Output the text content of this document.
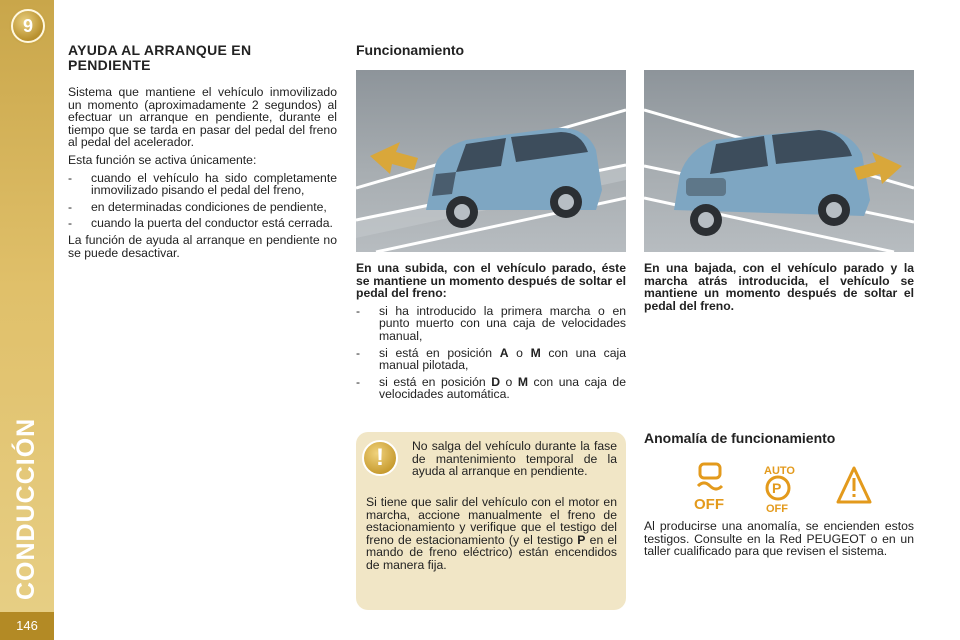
9
CONDUCCIÓN
146
AYUDA AL ARRANQUE EN PENDIENTE

Sistema que mantiene el vehículo inmovilizado un momento (aproximadamente 2 segundos) al efectuar un arranque en pendiente, durante el tiempo que se tarda en pasar del pedal del freno al pedal del acelerador.

Esta función se activa únicamente:

- cuando el vehículo ha sido completamente inmovilizado pisando el pedal del freno,
- en determinadas condiciones de pendiente,
- cuando la puerta del conductor está cerrada.

La función de ayuda al arranque en pendiente no se puede desactivar.

Funcionamiento

En una subida, con el vehículo parado, éste se mantiene un momento después de soltar el pedal del freno:

- si ha introducido la primera marcha o en punto muerto con una caja de velocidades manual,
- si está en posición A o M con una caja manual pilotada,
- si está en posición D o M con una caja de velocidades automática.

En una bajada, con el vehículo parado y la marcha atrás introducida, el vehículo se mantiene un momento después de soltar el pedal del freno.

!	No salga del vehículo durante la fase de mantenimiento temporal de la ayuda al arranque en pendiente.
Si tiene que salir del vehículo con el motor en marcha, accione manualmente el freno de estacionamiento y verifique que el testigo del freno de estacionamiento (y el testigo P en el mando de freno eléctrico) están encendidos de manera fija.
Anomalía de funcionamiento
OFF
AUTO
P
OFF
Al producirse una anomalía, se encienden estos testigos. Consulte en la Red PEUGEOT o en un taller cualificado para que revisen el sistema.
